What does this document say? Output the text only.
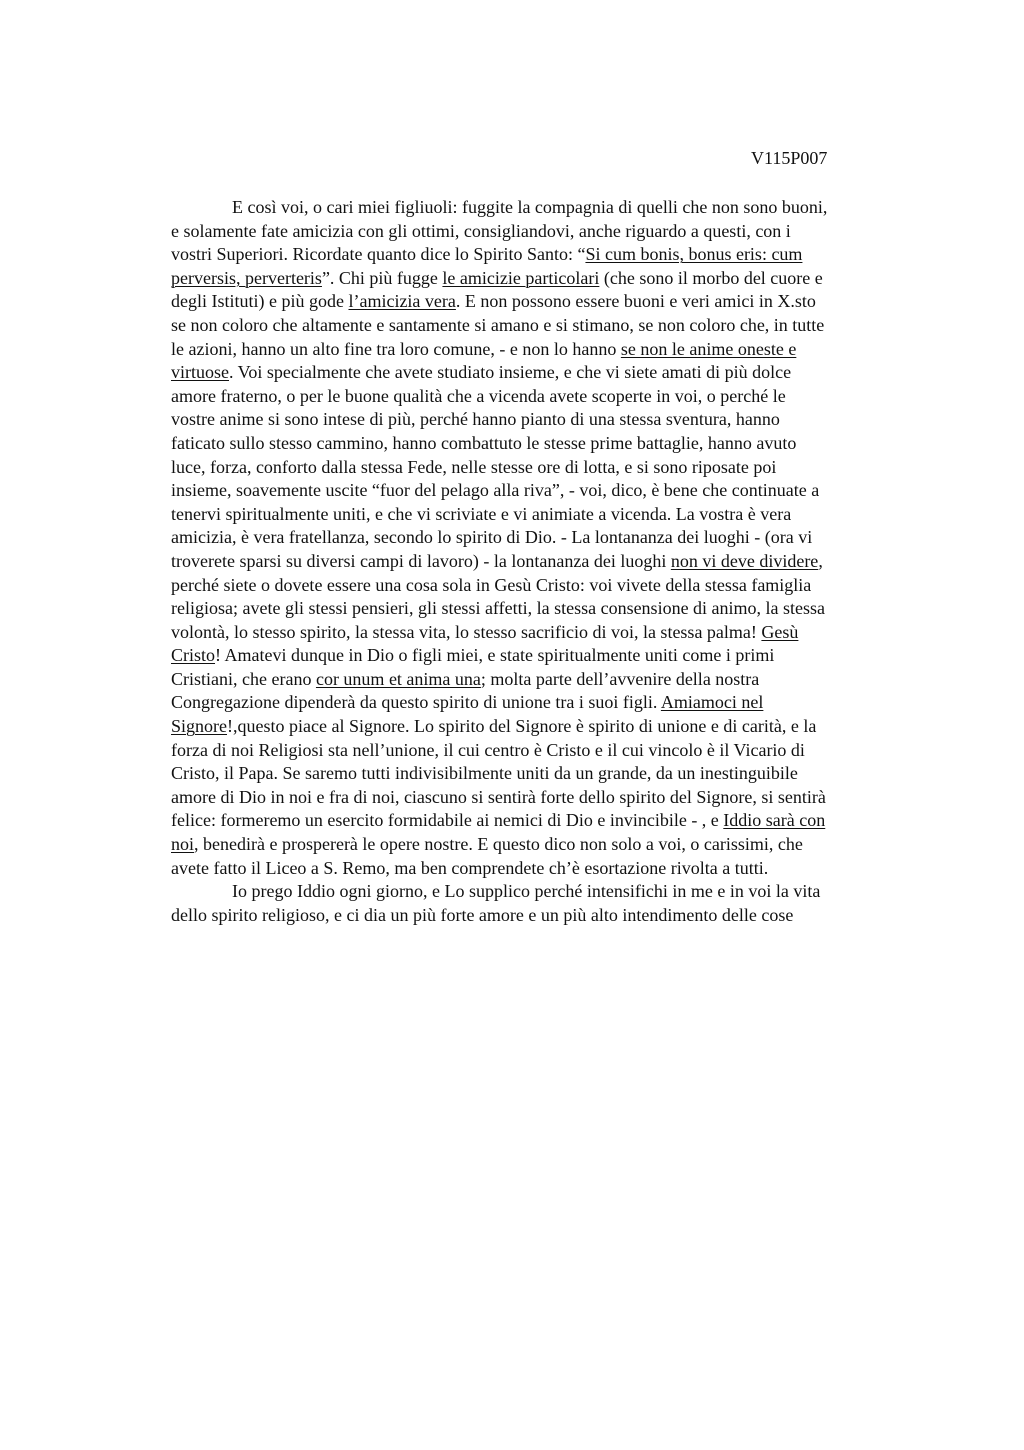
V115P007
E così voi, o cari miei figliuoli: fuggite la compagnia di quelli che non sono buoni,
e solamente fate amicizia con gli ottimi, consigliandovi, anche riguardo a questi, con i
vostri Superiori. Ricordate quanto dice lo Spirito Santo: “Si cum bonis, bonus eris: cum
perversis, perverteris”. Chi più fugge le amicizie particolari (che sono il morbo del cuore e
degli Istituti) e più gode l’amicizia vera. E non possono essere buoni e veri amici in X.sto
se non coloro che altamente e santamente si amano e si stimano, se non coloro che, in tutte
le azioni, hanno un alto fine tra loro comune, - e non lo hanno se non le anime oneste e
virtuose. Voi specialmente che avete studiato insieme, e che vi siete amati di più dolce
amore fraterno, o per le buone qualità che a vicenda avete scoperte in voi, o perché le
vostre anime si sono intese di più, perché hanno pianto di una stessa sventura, hanno
faticato sullo stesso cammino, hanno combattuto le stesse prime battaglie, hanno avuto
luce, forza, conforto dalla stessa Fede, nelle stesse ore di lotta, e si sono riposate poi
insieme, soavemente uscite “fuor del pelago alla riva”, - voi, dico, è bene che continuate a
tenervi spiritualmente uniti, e che vi scriviate e vi animiate a vicenda. La vostra è vera
amicizia, è vera fratellanza, secondo lo spirito di Dio. - La lontananza dei luoghi - (ora vi
troverete sparsi su diversi campi di lavoro) - la lontananza dei luoghi non vi deve dividere,
perché siete o dovete essere una cosa sola in Gesù Cristo: voi vivete della stessa famiglia
religiosa; avete gli stessi pensieri, gli stessi affetti, la stessa consensione di animo, la stessa
volontà, lo stesso spirito, la stessa vita, lo stesso sacrificio di voi, la stessa palma! Gesù
Cristo! Amatevi dunque in Dio o figli miei, e state spiritualmente uniti come i primi
Cristiani, che erano cor unum et anima una; molta parte dell’avvenire della nostra
Congregazione dipenderà da questo spirito di unione tra i suoi figli. Amiamoci nel
Signore!,questo piace al Signore. Lo spirito del Signore è spirito di unione e di carità, e la
forza di noi Religiosi sta nell’unione, il cui centro è Cristo e il cui vincolo è il Vicario di
Cristo, il Papa. Se saremo tutti indivisibilmente uniti da un grande, da un inestinguibile
amore di Dio in noi e fra di noi, ciascuno si sentirà forte dello spirito del Signore, si sentirà
felice: formeremo un esercito formidabile ai nemici di Dio e invincibile - , e Iddio sarà con
noi, benedirà e prospererà le opere nostre. E questo dico non solo a voi, o carissimi, che
avete fatto il Liceo a S. Remo, ma ben comprendete ch’è esortazione rivolta a tutti.
Io prego Iddio ogni giorno, e Lo supplico perché intensifichi in me e in voi la vita
dello spirito religioso, e ci dia un più forte amore e un più alto intendimento delle cose
